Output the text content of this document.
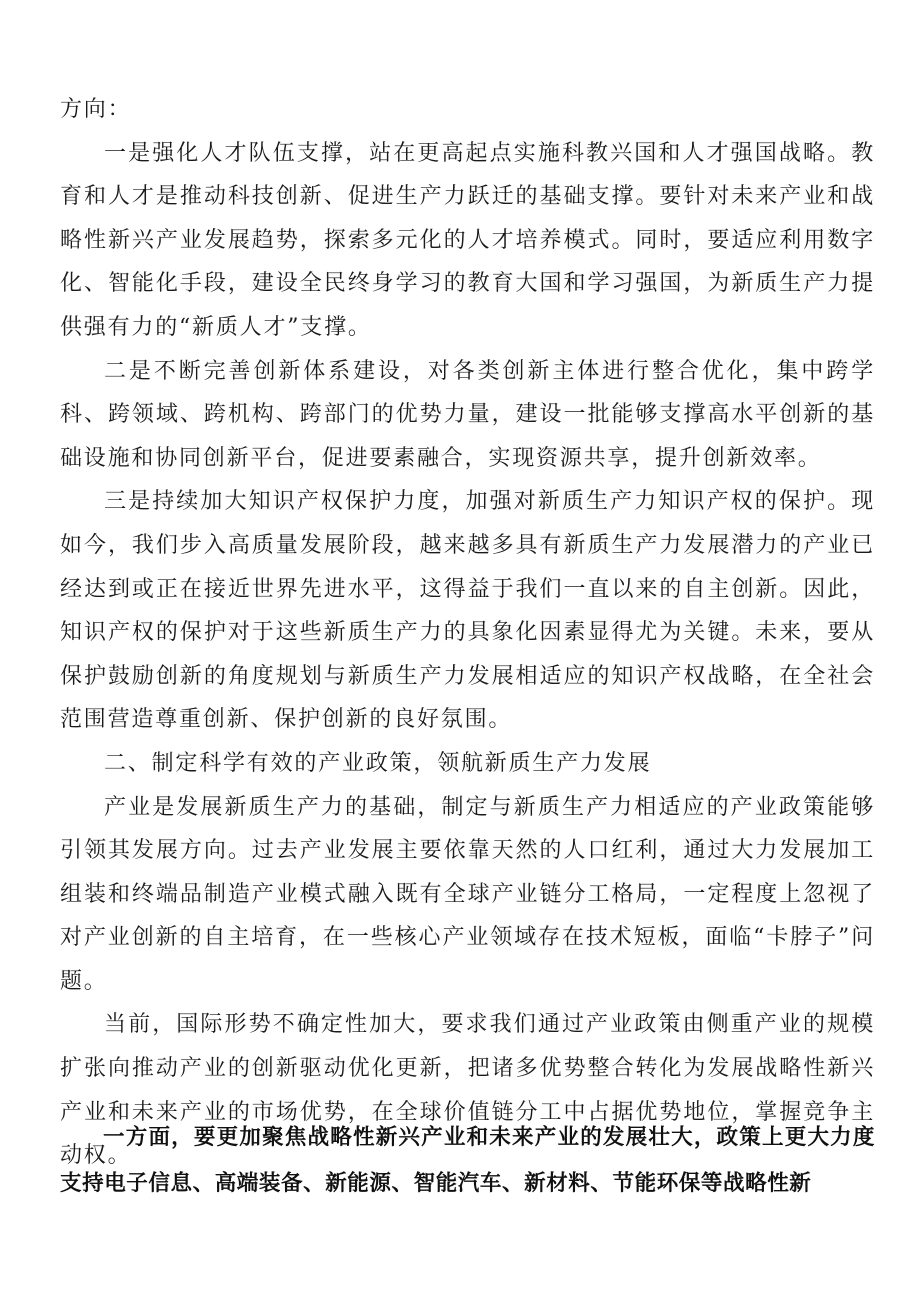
方向：

一是强化人才队伍支撑，站在更高起点实施科教兴国和人才强国战略。教育和人才是推动科技创新、促进生产力跃迁的基础支撑。要针对未来产业和战略性新兴产业发展趋势，探索多元化的人才培养模式。同时，要适应利用数字化、智能化手段，建设全民终身学习的教育大国和学习强国，为新质生产力提供强有力的“新质人才”支撑。

二是不断完善创新体系建设，对各类创新主体进行整合优化，集中跨学科、跨领域、跨机构、跨部门的优势力量，建设一批能够支撑高水平创新的基础设施和协同创新平台，促进要素融合，实现资源共享，提升创新效率。

三是持续加大知识产权保护力度，加强对新质生产力知识产权的保护。现如今，我们步入高质量发展阶段，越来越多具有新质生产力发展潜力的产业已经达到或正在接近世界先进水平，这得益于我们一直以来的自主创新。因此，知识产权的保护对于这些新质生产力的具象化因素显得尤为关键。未来，要从保护鼓励创新的角度规划与新质生产力发展相适应的知识产权战略，在全社会范围营造尊重创新、保护创新的良好氛围。

二、制定科学有效的产业政策，领航新质生产力发展

产业是发展新质生产力的基础，制定与新质生产力相适应的产业政策能够引领其发展方向。过去产业发展主要依靠天然的人口红利，通过大力发展加工组装和终端品制造产业模式融入既有全球产业链分工格局，一定程度上忽视了对产业创新的自主培育，在一些核心产业领域存在技术短板，面临“卡脖子”问题。

当前，国际形势不确定性加大，要求我们通过产业政策由侧重产业的规模扩张向推动产业的创新驱动优化更新，把诸多优势整合转化为发展战略性新兴产业和未来产业的市场优势，在全球价值链分工中占据优势地位，掌握竞争主动权。

一方面，要更加聚焦战略性新兴产业和未来产业的发展壮大，政策上更大力度支持电子信息、高端装备、新能源、智能汽车、新材料、节能环保等战略性新
